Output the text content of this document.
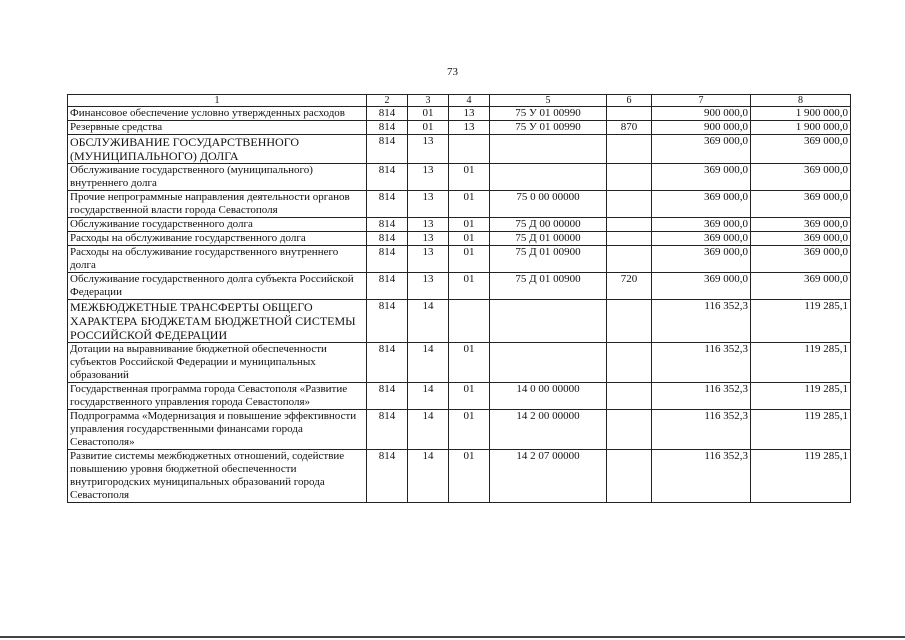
73
1	2	3	4	5	6	7	8
Финансовое обеспечение условно утвержденных расходов	814	01	13	75 У 01 00990		900 000,0	1 900 000,0
Резервные средства	814	01	13	75 У 01 00990	870	900 000,0	1 900 000,0
ОБСЛУЖИВАНИЕ ГОСУДАРСТВЕННОГО (МУНИЦИПАЛЬНОГО) ДОЛГА	814	13				369 000,0	369 000,0
Обслуживание государственного (муниципального) внутреннего долга	814	13	01			369 000,0	369 000,0
Прочие непрограммные направления деятельности органов государственной власти города Севастополя	814	13	01	75 0 00 00000		369 000,0	369 000,0
Обслуживание государственного долга	814	13	01	75 Д 00 00000		369 000,0	369 000,0
Расходы на обслуживание государственного долга	814	13	01	75 Д 01 00000		369 000,0	369 000,0
Расходы на обслуживание государственного внутреннего долга	814	13	01	75 Д 01 00900		369 000,0	369 000,0
Обслуживание государственного долга субъекта Российской Федерации	814	13	01	75 Д 01 00900	720	369 000,0	369 000,0
МЕЖБЮДЖЕТНЫЕ ТРАНСФЕРТЫ ОБЩЕГО ХАРАКТЕРА БЮДЖЕТАМ БЮДЖЕТНОЙ СИСТЕМЫ РОССИЙСКОЙ ФЕДЕРАЦИИ	814	14				116 352,3	119 285,1
Дотации на выравнивание бюджетной обеспеченности субъектов Российской Федерации и муниципальных образований	814	14	01			116 352,3	119 285,1
Государственная программа города Севастополя «Развитие государственного управления города Севастополя»	814	14	01	14 0 00 00000		116 352,3	119 285,1
Подпрограмма «Модернизация и повышение эффективности управления государственными финансами города Севастополя»	814	14	01	14 2 00 00000		116 352,3	119 285,1
Развитие системы межбюджетных отношений, содействие повышению уровня бюджетной обеспеченности внутригородских муниципальных образований города Севастополя	814	14	01	14 2 07 00000		116 352,3	119 285,1
